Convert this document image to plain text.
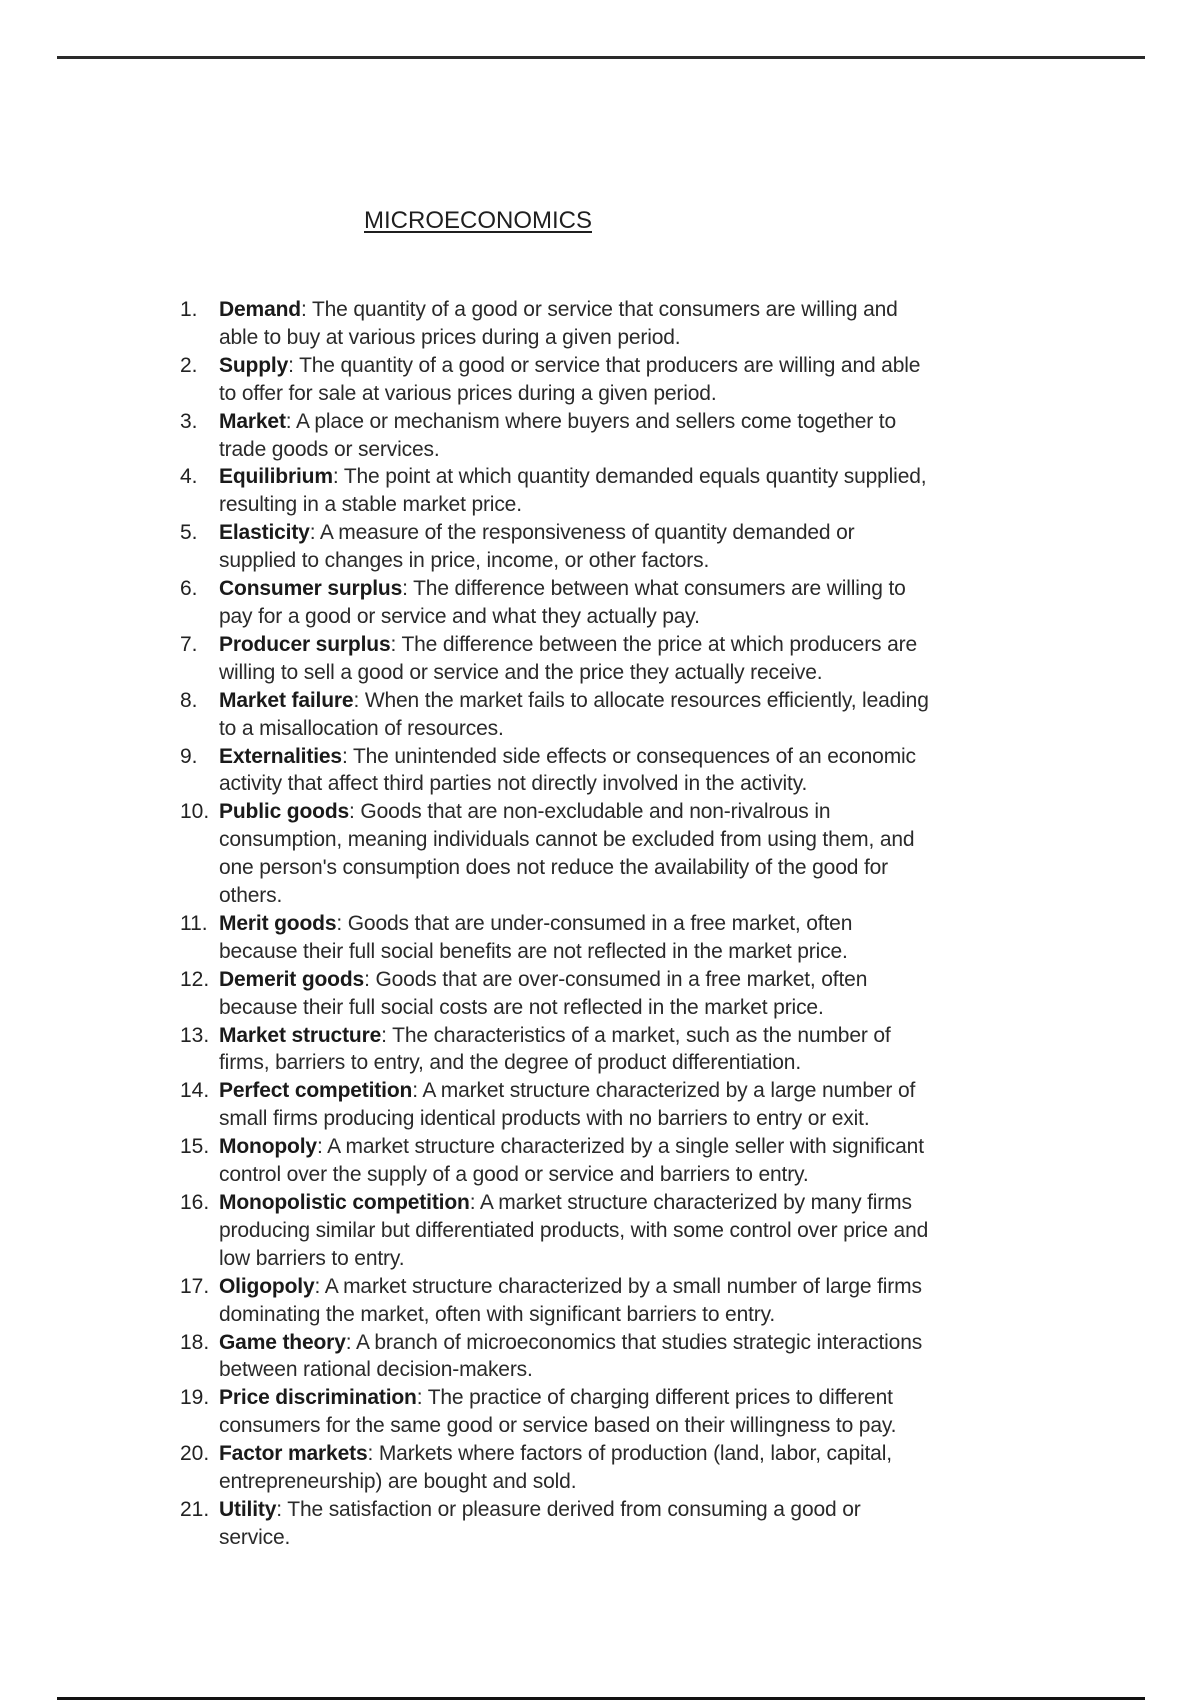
MICROECONOMICS
1. Demand: The quantity of a good or service that consumers are willing and
able to buy at various prices during a given period.
2. Supply: The quantity of a good or service that producers are willing and able
to offer for sale at various prices during a given period.
3. Market: A place or mechanism where buyers and sellers come together to
trade goods or services.
4. Equilibrium: The point at which quantity demanded equals quantity supplied,
resulting in a stable market price.
5. Elasticity: A measure of the responsiveness of quantity demanded or
supplied to changes in price, income, or other factors.
6. Consumer surplus: The difference between what consumers are willing to
pay for a good or service and what they actually pay.
7. Producer surplus: The difference between the price at which producers are
willing to sell a good or service and the price they actually receive.
8. Market failure: When the market fails to allocate resources efficiently, leading
to a misallocation of resources.
9. Externalities: The unintended side effects or consequences of an economic
activity that affect third parties not directly involved in the activity.
10. Public goods: Goods that are non-excludable and non-rivalrous in
consumption, meaning individuals cannot be excluded from using them, and
one person's consumption does not reduce the availability of the good for
others.
11. Merit goods: Goods that are under-consumed in a free market, often
because their full social benefits are not reflected in the market price.
12. Demerit goods: Goods that are over-consumed in a free market, often
because their full social costs are not reflected in the market price.
13. Market structure: The characteristics of a market, such as the number of
firms, barriers to entry, and the degree of product differentiation.
14. Perfect competition: A market structure characterized by a large number of
small firms producing identical products with no barriers to entry or exit.
15. Monopoly: A market structure characterized by a single seller with significant
control over the supply of a good or service and barriers to entry.
16. Monopolistic competition: A market structure characterized by many firms
producing similar but differentiated products, with some control over price and
low barriers to entry.
17. Oligopoly: A market structure characterized by a small number of large firms
dominating the market, often with significant barriers to entry.
18. Game theory: A branch of microeconomics that studies strategic interactions
between rational decision-makers.
19. Price discrimination: The practice of charging different prices to different
consumers for the same good or service based on their willingness to pay.
20. Factor markets: Markets where factors of production (land, labor, capital,
entrepreneurship) are bought and sold.
21. Utility: The satisfaction or pleasure derived from consuming a good or
service.
